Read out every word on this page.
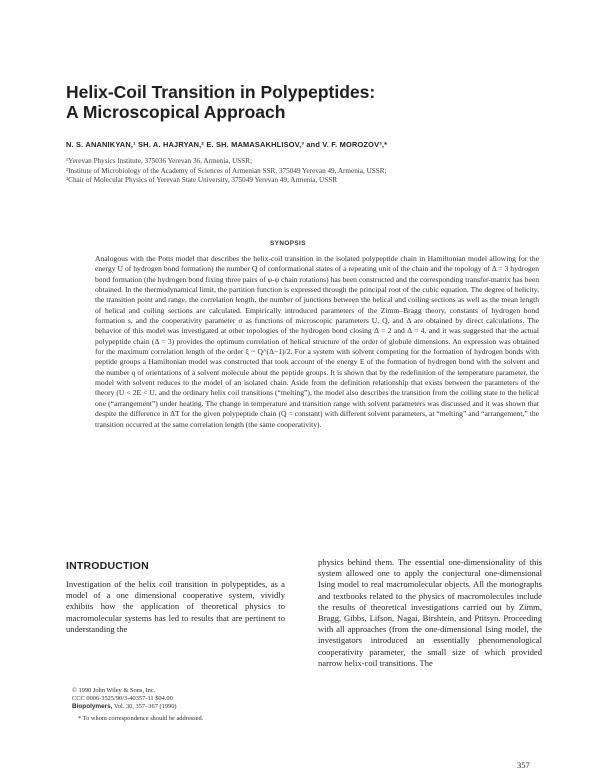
Helix-Coil Transition in Polypeptides:
A Microscopical Approach

N. S. ANANIKYAN,¹ SH. A. HAJRYAN,² E. SH. MAMASAKHLISOV,³ and V. F. MOROZOV³,*

¹Yerevan Physics Institute, 375036 Yerevan 36, Armenia, USSR;
²Institute of Microbiology of the Academy of Sciences of Armenian SSR, 375049 Yerevan 49, Armenia, USSR;
³Chair of Molecular Physics of Yerevan State University, 375049 Yerevan 49, Armenia, USSR
SYNOPSIS

Analogous with the Potts model that describes the helix-coil transition in the isolated polypeptide chain in Hamiltonian model allowing for the energy U of hydrogen bond formation) the number Q of conformational states of a repeating unit of the chain and the topology of Δ = 3 hydrogen bond formation (the hydrogen bond fixing three pairs of φ-ψ chain rotations) has been constructed and the corresponding transfer-matrix has been obtained. In the thermodynamical limit, the partition function is expressed through the principal root of the cubic equation. The degree of helicity, the transition point and range, the correlation length, the number of junctions between the helical and coiling sections as well as the mean length of helical and coiling sections are calculated. Empirically introduced parameters of the Zimm–Bragg theory, constants of hydrogen bond formation s, and the cooperativity parameter σ as functions of microscopic parameters U, Q, and Δ are obtained by direct calculations. The behavior of this model was investigated at other topologies of the hydrogen bond closing Δ = 2 and Δ = 4, and it was suggested that the actual polypeptide chain (Δ = 3) provides the optimum correlation of helical structure of the order of globule dimensions. An expression was obtained for the maximum correlation length of the order ξ ~ Q^(Δ−1)/2. For a system with solvent competing for the formation of hydrogen bonds with peptide groups a Hamiltonian model was constructed that took account of the energy E of the formation of hydrogen bond with the solvent and the number q of orientations of a solvent molecule about the peptide groups. It is shown that by the redefinition of the temperature parameter, the model with solvent reduces to the model of an isolated chain. Aside from the definition relationship that exists between the parameters of the theory (U < 2E < U, and the ordinary helix coil transitions (“melting”), the model also describes the transition from the coiling state to the helical one (“arrangement”) under heating. The change in temperature and transition range with solvent parameters was discussed and it was shown that despite the difference in ΔT for the given polypeptide chain (Q = constant) with different solvent parameters, at “melting” and “arrangement,” the transition occurred at the same correlation length (the same cooperativity).

INTRODUCTION

Investigation of the helix coil transition in polypeptides, as a model of a one dimensional cooperative system, vividly exhibits how the application of theoretical physics to macromolecular systems has led to results that are pertinent to understanding the

physics behind them. The essential one-dimensionality of this system allowed one to apply the conjectural one-dimensional Ising model to real macromolecular objects. All the monographs and textbooks related to the physics of macromolecules include the results of theoretical investigations carried out by Zimm, Bragg, Gibbs, Lifson, Nagai, Birshtein, and Ptitsyn. Proceeding with all approaches (from the one-dimensional Ising model, the investigators introduced an essentially phenomenological cooperativity parameter, the small size of which provided narrow helix-coil transitions. The

© 1990 John Wiley & Sons, Inc.

CCC 0006-3525/90/3-40357-11 $04.00

Biopolymers, Vol. 30, 357–367 (1990)

* To whom correspondence should be addressed.

357
